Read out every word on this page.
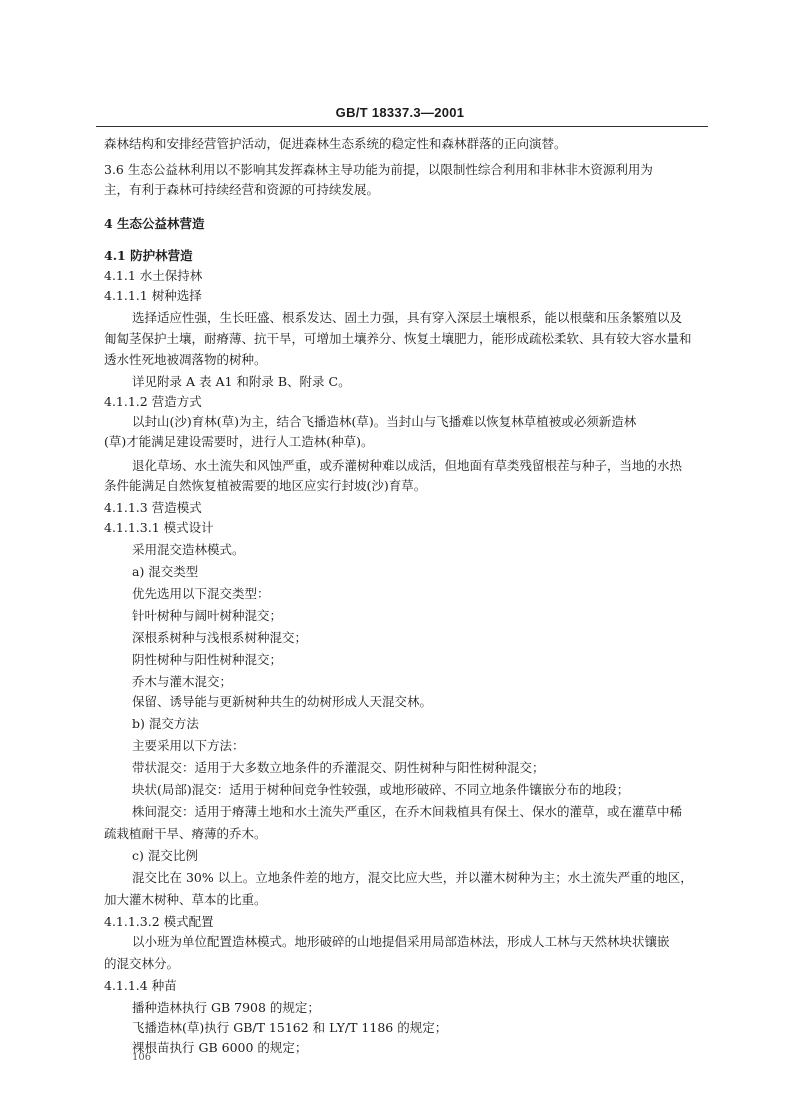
GB/T 18337.3—2001
森林结构和安排经营管护活动，促进森林生态系统的稳定性和森林群落的正向演替。
3.6 生态公益林利用以不影响其发挥森林主导功能为前提，以限制性综合利用和非林非木资源利用为
主，有利于森林可持续经营和资源的可持续发展。
4 生态公益林营造
4.1 防护林营造
4.1.1 水土保持林
4.1.1.1 树种选择
选择适应性强，生长旺盛、根系发达、固土力强，具有穿入深层土壤根系，能以根蘖和压条繁殖以及
匍匐茎保护土壤，耐瘠薄、抗干旱，可增加土壤养分、恢复土壤肥力，能形成疏松柔软、具有较大容水量和
透水性死地被凋落物的树种。
详见附录 A 表 A1 和附录 B、附录 C。
4.1.1.2 营造方式
以封山(沙)育林(草)为主，结合飞播造林(草)。当封山与飞播难以恢复林草植被或必须新造林
(草)才能满足建设需要时，进行人工造林(种草)。
退化草场、水土流失和风蚀严重，或乔灌树种难以成活，但地面有草类残留根茬与种子，当地的水热
条件能满足自然恢复植被需要的地区应实行封坡(沙)育草。
4.1.1.3 营造模式
4.1.1.3.1 模式设计
采用混交造林模式。
a) 混交类型
优先选用以下混交类型：
针叶树种与阔叶树种混交；
深根系树种与浅根系树种混交；
阴性树种与阳性树种混交；
乔木与灌木混交；
保留、诱导能与更新树种共生的幼树形成人天混交林。
b) 混交方法
主要采用以下方法：
带状混交：适用于大多数立地条件的乔灌混交、阴性树种与阳性树种混交；
块状(局部)混交：适用于树种间竞争性较强，或地形破碎、不同立地条件镶嵌分布的地段；
株间混交：适用于瘠薄土地和水土流失严重区，在乔木间栽植具有保土、保水的灌草，或在灌草中稀
疏栽植耐干旱、瘠薄的乔木。
c) 混交比例
混交比在 30% 以上。立地条件差的地方，混交比应大些，并以灌木树种为主；水土流失严重的地区，
加大灌木树种、草本的比重。
4.1.1.3.2 模式配置
以小班为单位配置造林模式。地形破碎的山地提倡采用局部造林法，形成人工林与天然林块状镶嵌
的混交林分。
4.1.1.4 种苗
播种造林执行 GB 7908 的规定；
飞播造林(草)执行 GB/T 15162 和 LY/T 1186 的规定；
裸根苗执行 GB 6000 的规定；
106
